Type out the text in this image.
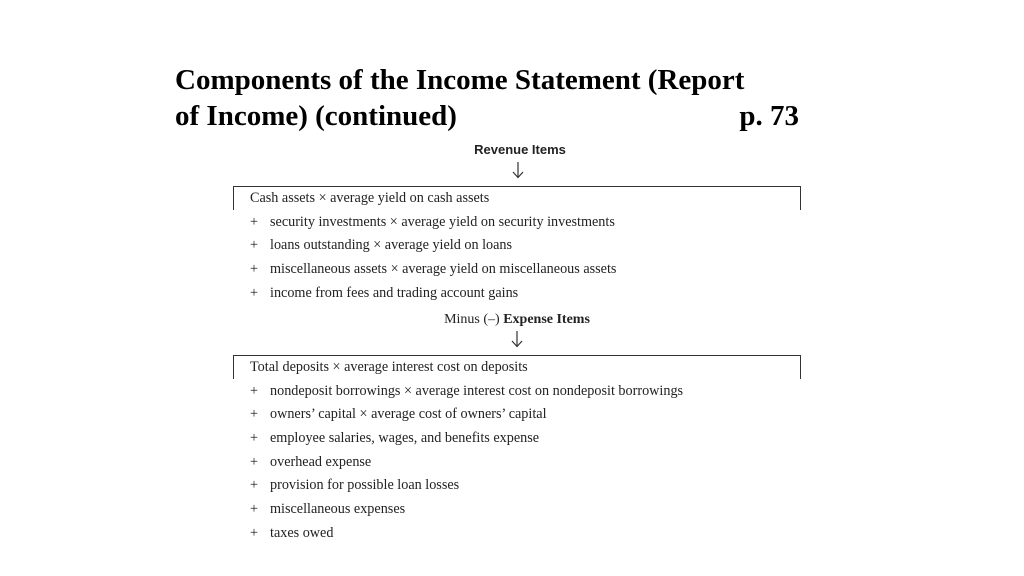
Components of the Income Statement (Report
of Income) (continued)	p. 73
Revenue Items
Cash assets × average yield on cash assets
+ security investments × average yield on security investments
+ loans outstanding × average yield on loans
+ miscellaneous assets × average yield on miscellaneous assets
+ income from fees and trading account gains
Minus (–) Expense Items
Total deposits × average interest cost on deposits
+ nondeposit borrowings × average interest cost on nondeposit borrowings
+ owners’ capital × average cost of owners’ capital
+ employee salaries, wages, and benefits expense
+ overhead expense
+ provision for possible loan losses
+ miscellaneous expenses
+ taxes owed
